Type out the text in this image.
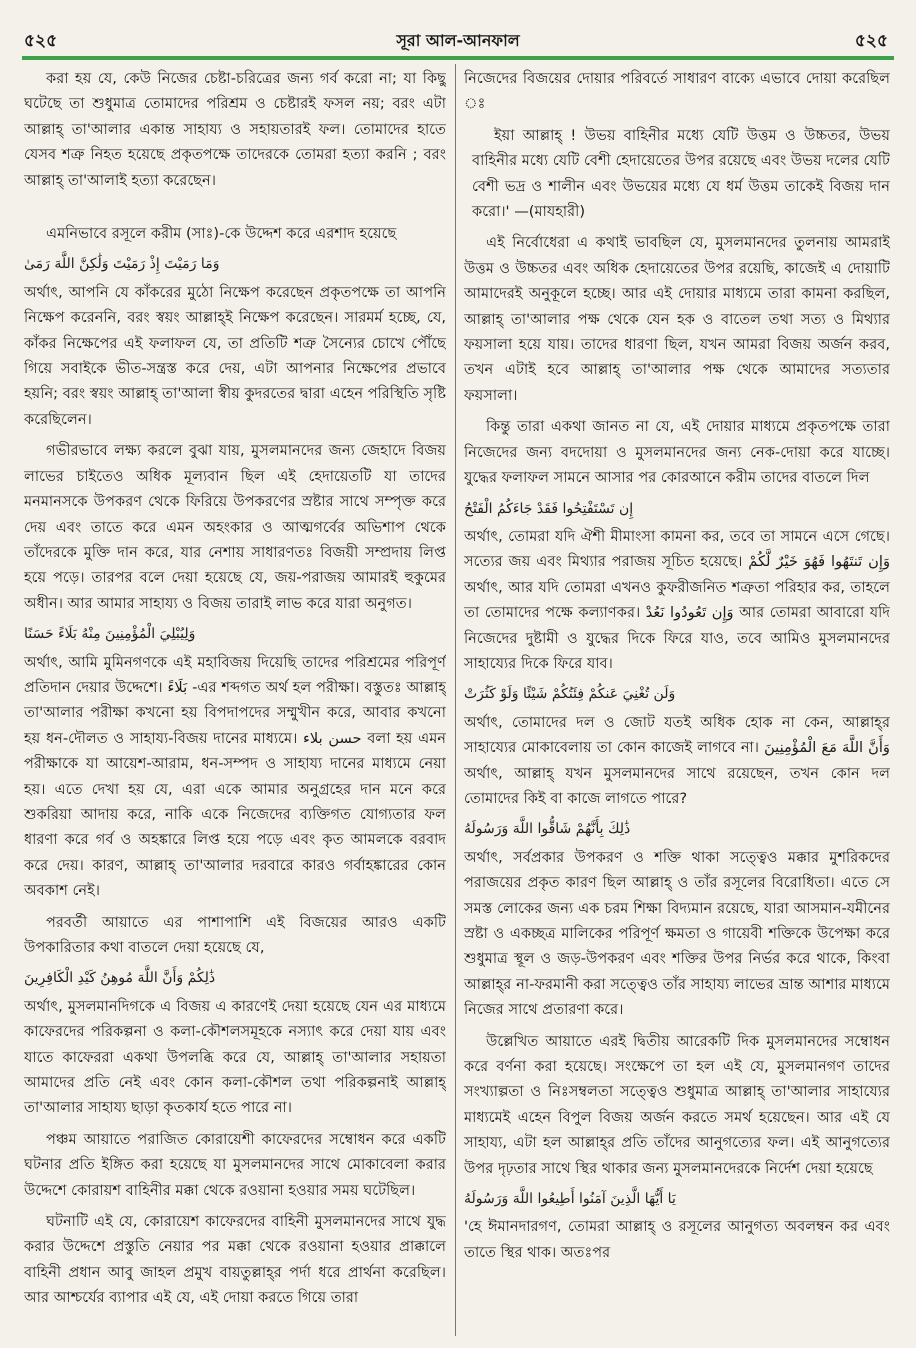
৫২৫	সূরা আল-আনফাল	৫২৫

করা হয় যে, কেউ নিজের চেষ্টা-চরিত্রের জন্য গর্ব করো না; যা কিছু ঘটেছে তা শুধুমাত্র তোমাদের পরিশ্রম ও চেষ্টারই ফসল নয়; বরং এটা আল্লাহ্‌ তা'আলার একান্ত সাহায্য ও সহায়তারই ফল। তোমাদের হাতে যেসব শত্রু নিহত হয়েছে প্রকৃতপক্ষে তাদেরকে তোমরা হত্যা করনি ; বরং আল্লাহ্‌ তা'আলাই হত্যা করেছেন।

এমনিভাবে রসূলে করীম (সাঃ)-কে উদ্দেশ করে এরশাদ হয়েছে

وَمَا رَمَيْتَ إِذْ رَمَيْتَ وَلَٰكِنَّ اللَّهَ رَمَىٰ

অর্থাৎ, আপনি যে কাঁকরের মুঠো নিক্ষেপ করেছেন প্রকৃতপক্ষে তা আপনি নিক্ষেপ করেননি, বরং স্বয়ং আল্লাহ্‌ই নিক্ষেপ করেছেন। সারমর্ম হচ্ছে, যে, কাঁকর নিক্ষেপের এই ফলাফল যে, তা প্রতিটি শত্রু সৈন্যের চোখে পৌঁছে গিয়ে সবাইকে ভীত-সন্ত্রস্ত করে দেয়, এটা আপনার নিক্ষেপের প্রভাবে হয়নি; বরং স্বয়ং আল্লাহ্‌ তা'আলা স্বীয় কুদরতের দ্বারা এহেন পরিস্থিতি সৃষ্টি করেছিলেন।

গভীরভাবে লক্ষ্য করলে বুঝা যায়, মুসলমানদের জন্য জেহাদে বিজয় লাভের চাইতেও অধিক মূল্যবান ছিল এই হেদায়েতটি যা তাদের মনমানসকে উপকরণ থেকে ফিরিয়ে উপকরণের স্রষ্টার সাথে সম্পৃক্ত করে দেয় এবং তাতে করে এমন অহংকার ও আত্মগর্বের অভিশাপ থেকে তাঁদেরকে মুক্তি দান করে, যার নেশায় সাধারণতঃ বিজয়ী সম্প্রদায় লিপ্ত হয়ে পড়ে। তারপর বলে দেয়া হয়েছে যে, জয়-পরাজয় আমারই হুকুমের অধীন। আর আমার সাহায্য ও বিজয় তারাই লাভ করে যারা অনুগত।

وَلِيُبْلِيَ الْمُؤْمِنِينَ مِنْهُ بَلَاءً حَسَنًا

অর্থাৎ, আমি মুমিনগণকে এই মহাবিজয় দিয়েছি তাদের পরিশ্রমের পরিপূর্ণ প্রতিদান দেয়ার উদ্দেশে। بَلَاءً -এর শব্দগত অর্থ হল পরীক্ষা। বস্তুতঃ আল্লাহ্‌ তা'আলার পরীক্ষা কখনো হয় বিপদাপদের সম্মুখীন করে, আবার কখনো হয় ধন-দৌলত ও সাহায্য-বিজয় দানের মাধ্যমে। حسن بلاء বলা হয় এমন পরীক্ষাকে যা আয়েশ-আরাম, ধন-সম্পদ ও সাহায্য দানের মাধ্যমে নেয়া হয়। এতে দেখা হয় যে, এরা একে আমার অনুগ্রহের দান মনে করে শুকরিয়া আদায় করে, নাকি একে নিজেদের ব্যক্তিগত যোগ্যতার ফল ধারণা করে গর্ব ও অহঙ্কারে লিপ্ত হয়ে পড়ে এবং কৃত আমলকে বরবাদ করে দেয়। কারণ, আল্লাহ্‌ তা'আলার দরবারে কারও গর্বাহঙ্কারের কোন অবকাশ নেই।

পরবর্তী আয়াতে এর পাশাপাশি এই বিজয়ের আরও একটি উপকারিতার কথা বাতলে দেয়া হয়েছে যে,

ذَٰلِكُمْ وَأَنَّ اللَّهَ مُوهِنُ كَيْدِ الْكَافِرِينَ

অর্থাৎ, মুসলমানদিগকে এ বিজয় এ কারণেই দেয়া হয়েছে যেন এর মাধ্যমে কাফেরদের পরিকল্পনা ও কলা-কৌশলসমূহকে নস্যাৎ করে দেয়া যায় এবং যাতে কাফেররা একথা উপলব্ধি করে যে, আল্লাহ্‌ তা'আলার সহায়তা আমাদের প্রতি নেই এবং কোন কলা-কৌশল তথা পরিকল্পনাই আল্লাহ্‌ তা'আলার সাহায্য ছাড়া কৃতকার্য হতে পারে না।

পঞ্চম আয়াতে পরাজিত কোরায়েশী কাফেরদের সম্বোধন করে একটি ঘটনার প্রতি ইঙ্গিত করা হয়েছে যা মুসলমানদের সাথে মোকাবেলা করার উদ্দেশে কোরায়শ বাহিনীর মক্কা থেকে রওয়ানা হওয়ার সময় ঘটেছিল।

ঘটনাটি এই যে, কোরায়েশ কাফেরদের বাহিনী মুসলমানদের সাথে যুদ্ধ করার উদ্দেশে প্রস্তুতি নেয়ার পর মক্কা থেকে রওয়ানা হওয়ার প্রাক্কালে বাহিনী প্রধান আবু জাহল প্রমুখ বায়তুল্লাহ্‌র পর্দা ধরে প্রার্থনা করেছিল। আর আশ্চর্যের ব্যাপার এই যে, এই দোয়া করতে গিয়ে তারা

নিজেদের বিজয়ের দোয়ার পরিবর্তে সাধারণ বাক্যে এভাবে দোয়া করেছিল ঃ

ইয়া আল্লাহ্‌ ! উভয় বাহিনীর মধ্যে যেটি উত্তম ও উচ্চতর, উভয় বাহিনীর মধ্যে যেটি বেশী হেদায়েতের উপর রয়েছে এবং উভয় দলের যেটি বেশী ভদ্র ও শালীন এবং উভয়ের মধ্যে যে ধর্ম উত্তম তাকেই বিজয় দান করো।' —(মাযহারী)

এই নির্বোধেরা এ কথাই ভাবছিল যে, মুসলমানদের তুলনায় আমরাই উত্তম ও উচ্চতর এবং অধিক হেদায়েতের উপর রয়েছি, কাজেই এ দোয়াটি আমাদেরই অনুকূলে হচ্ছে। আর এই দোয়ার মাধ্যমে তারা কামনা করছিল, আল্লাহ্‌ তা'আলার পক্ষ থেকে যেন হক ও বাতেল তথা সত্য ও মিথ্যার ফয়সালা হয়ে যায়। তাদের ধারণা ছিল, যখন আমরা বিজয় অর্জন করব, তখন এটাই হবে আল্লাহ্‌ তা'আলার পক্ষ থেকে আমাদের সত্যতার ফয়সালা।

কিন্তু তারা একথা জানত না যে, এই দোয়ার মাধ্যমে প্রকৃতপক্ষে তারা নিজেদের জন্য বদদোয়া ও মুসলমানদের জন্য নেক-দোয়া করে যাচ্ছে। যুদ্ধের ফলাফল সামনে আসার পর কোরআনে করীম তাদের বাতলে দিল

إِن تَسْتَفْتِحُوا فَقَدْ جَاءَكُمُ الْفَتْحُ

অর্থাৎ, তোমরা যদি ঐশী মীমাংসা কামনা কর, তবে তা সামনে এসে গেছে। সত্যের জয় এবং মিথ্যার পরাজয় সূচিত হয়েছে। وَإِن تَنتَهُوا فَهُوَ خَيْرٌ لَّكُمْ অর্থাৎ, আর যদি তোমরা এখনও কুফরীজনিত শত্রুতা পরিহার কর, তাহলে তা তোমাদের পক্ষে কল্যাণকর। وَإِن تَعُودُوا نَعُدْ আর তোমরা আবারো যদি নিজেদের দুষ্টামী ও যুদ্ধের দিকে ফিরে যাও, তবে আমিও মুসলমানদের সাহায্যের দিকে ফিরে যাব।

وَلَن تُغْنِيَ عَنكُمْ فِئَتُكُمْ شَيْئًا وَلَوْ كَثُرَتْ

অর্থাৎ, তোমাদের দল ও জোট যতই অধিক হোক না কেন, আল্লাহ্‌র সাহায্যের মোকাবেলায় তা কোন কাজেই লাগবে না। وَأَنَّ اللَّهَ مَعَ الْمُؤْمِنِينَ অর্থাৎ, আল্লাহ্‌ যখন মুসলমানদের সাথে রয়েছেন, তখন কোন দল তোমাদের কিই বা কাজে লাগতে পারে?

ذَٰلِكَ بِأَنَّهُمْ شَاقُّوا اللَّهَ وَرَسُولَهُ

অর্থাৎ, সর্বপ্রকার উপকরণ ও শক্তি থাকা সত্ত্বেও মক্কার মুশরিকদের পরাজয়ের প্রকৃত কারণ ছিল আল্লাহ্‌ ও তাঁর রসূলের বিরোধিতা। এতে সে সমস্ত লোকের জন্য এক চরম শিক্ষা বিদ্যমান রয়েছে, যারা আসমান-যমীনের স্রষ্টা ও একচ্ছত্র মালিকের পরিপূর্ণ ক্ষমতা ও গায়েবী শক্তিকে উপেক্ষা করে শুধুমাত্র স্থূল ও জড়-উপকরণ এবং শক্তির উপর নির্ভর করে থাকে, কিংবা আল্লাহ্‌র না-ফরমানী করা সত্ত্বেও তাঁর সাহায্য লাভের ভ্রান্ত আশার মাধ্যমে নিজের সাথে প্রতারণা করে।

উল্লেখিত আয়াতে এরই দ্বিতীয় আরেকটি দিক মুসলমানদের সম্বোধন করে বর্ণনা করা হয়েছে। সংক্ষেপে তা হল এই যে, মুসলমানগণ তাদের সংখ্যাল্পতা ও নিঃসম্বলতা সত্ত্বেও শুধুমাত্র আল্লাহ্‌ তা'আলার সাহায্যের মাধ্যমেই এহেন বিপুল বিজয় অর্জন করতে সমর্থ হয়েছেন। আর এই যে সাহায্য, এটা হল আল্লাহ্‌র প্রতি তাঁদের আনুগত্যের ফল। এই আনুগত্যের উপর দৃঢ়তার সাথে স্থির থাকার জন্য মুসলমানদেরকে নির্দেশ দেয়া হয়েছে

يَا أَيُّهَا الَّذِينَ آمَنُوا أَطِيعُوا اللَّهَ وَرَسُولَهُ

'হে ঈমানদারগণ, তোমরা আল্লাহ্‌ ও রসূলের আনুগত্য অবলম্বন কর এবং তাতে স্থির থাক। অতঃপর
